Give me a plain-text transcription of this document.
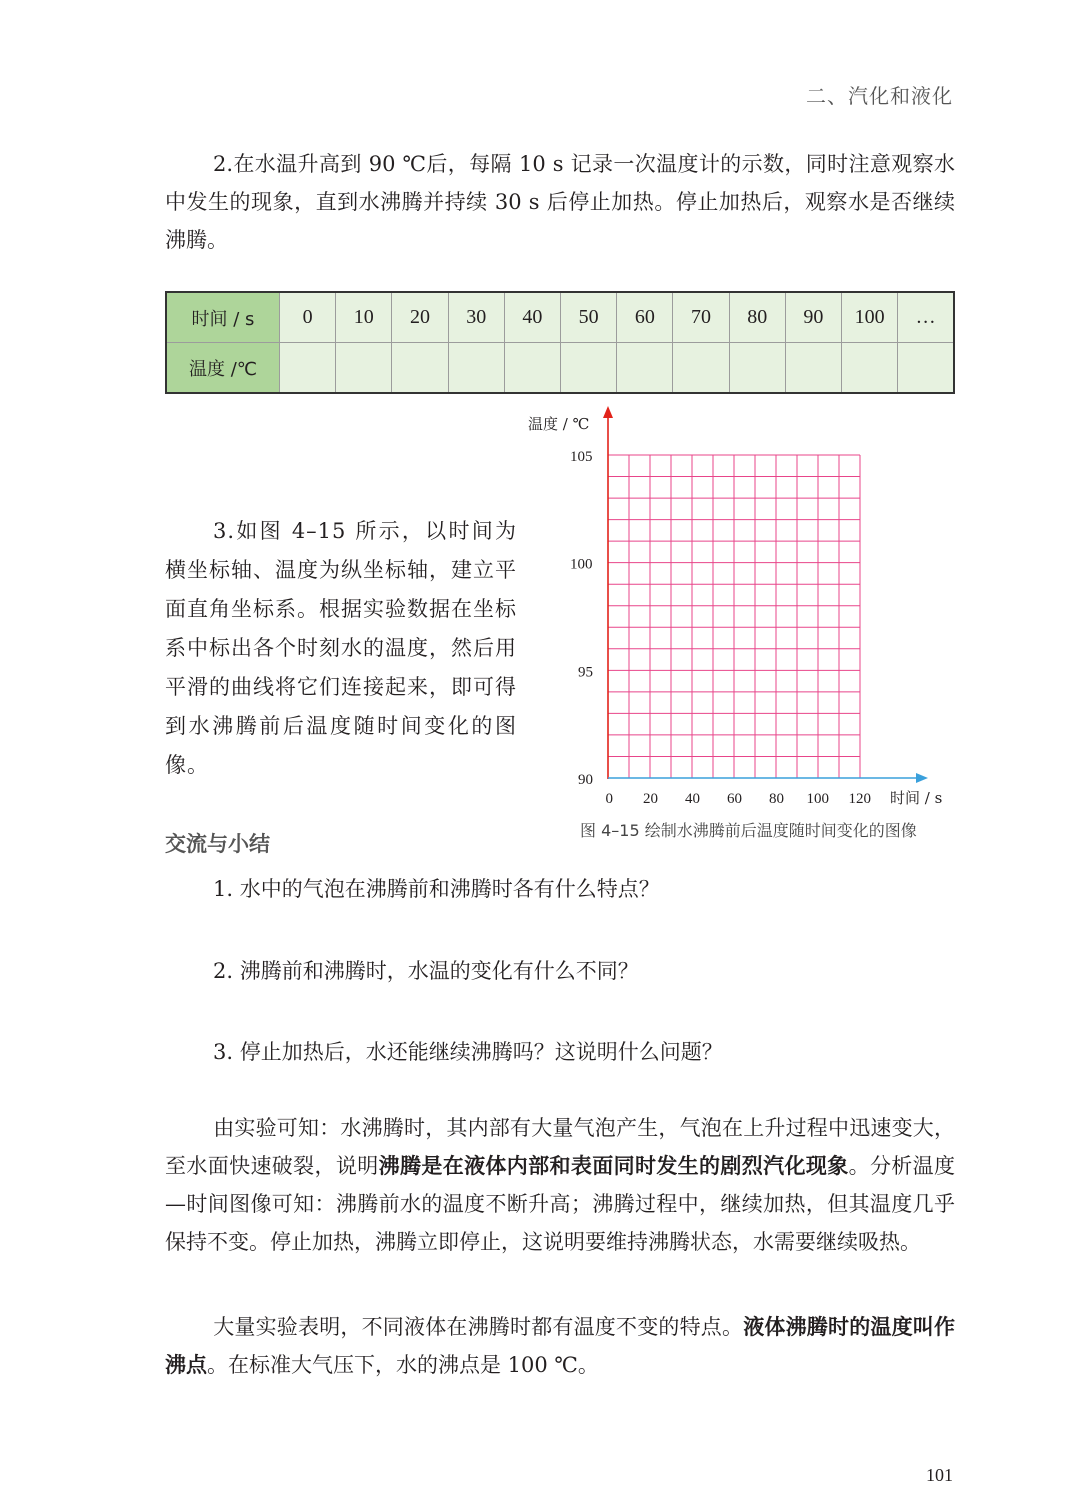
二、汽化和液化

2.在水温升高到 90 ℃后，每隔 10 s 记录一次温度计的示数，同时注意观察水中发生的现象，直到水沸腾并持续 30 s 后停止加热。停止加热后，观察水是否继续沸腾。

时间 / s	0	10	20	30	40	50	60	70	80	90	100	…
温度 /℃												

3.如图 4–15 所示，以时间为横坐标轴、温度为纵坐标轴，建立平面直角坐标系。根据实验数据在坐标系中标出各个时刻水的温度，然后用平滑的曲线将它们连接起来，即可得到水沸腾前后温度随时间变化的图像。

温度 / ℃
时间 / s
0 20 40 60 80 100 120
90
95
100
105
图 4–15 绘制水沸腾前后温度随时间变化的图像
交流与小结
1. 水中的气泡在沸腾前和沸腾时各有什么特点？
2. 沸腾前和沸腾时，水温的变化有什么不同？
3. 停止加热后，水还能继续沸腾吗？这说明什么问题？

由实验可知：水沸腾时，其内部有大量气泡产生，气泡在上升过程中迅速变大，至水面快速破裂，说明沸腾是在液体内部和表面同时发生的剧烈汽化现象。分析温度—时间图像可知：沸腾前水的温度不断升高；沸腾过程中，继续加热，但其温度几乎保持不变。停止加热，沸腾立即停止，这说明要维持沸腾状态，水需要继续吸热。

大量实验表明，不同液体在沸腾时都有温度不变的特点。液体沸腾时的温度叫作沸点。在标准大气压下，水的沸点是 100 ℃。

101
